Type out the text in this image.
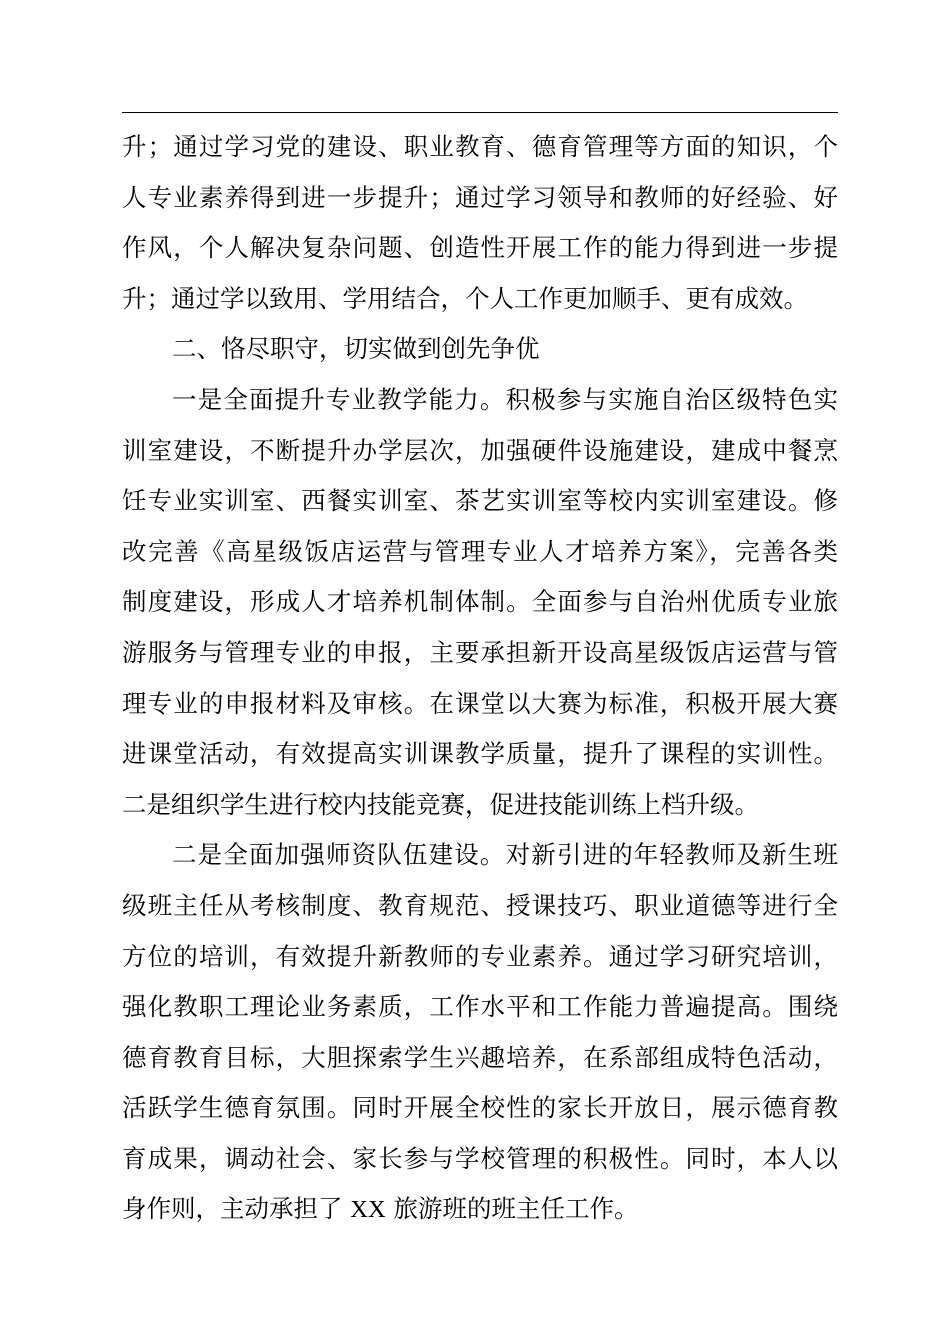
升；通过学习党的建设、职业教育、德育管理等方面的知识，个
人专业素养得到进一步提升；通过学习领导和教师的好经验、好
作风，个人解决复杂问题、创造性开展工作的能力得到进一步提
升；通过学以致用、学用结合，个人工作更加顺手、更有成效。
二、恪尽职守，切实做到创先争优
一是全面提升专业教学能力。积极参与实施自治区级特色实
训室建设，不断提升办学层次，加强硬件设施建设，建成中餐烹
饪专业实训室、西餐实训室、茶艺实训室等校内实训室建设。修
改完善《高星级饭店运营与管理专业人才培养方案》，完善各类
制度建设，形成人才培养机制体制。全面参与自治州优质专业旅
游服务与管理专业的申报，主要承担新开设高星级饭店运营与管
理专业的申报材料及审核。在课堂以大赛为标准，积极开展大赛
进课堂活动，有效提高实训课教学质量，提升了课程的实训性。
二是组织学生进行校内技能竞赛，促进技能训练上档升级。
二是全面加强师资队伍建设。对新引进的年轻教师及新生班
级班主任从考核制度、教育规范、授课技巧、职业道德等进行全
方位的培训，有效提升新教师的专业素养。通过学习研究培训，
强化教职工理论业务素质，工作水平和工作能力普遍提高。围绕
德育教育目标，大胆探索学生兴趣培养，在系部组成特色活动，
活跃学生德育氛围。同时开展全校性的家长开放日，展示德育教
育成果，调动社会、家长参与学校管理的积极性。同时，本人以
身作则，主动承担了 XX 旅游班的班主任工作。
